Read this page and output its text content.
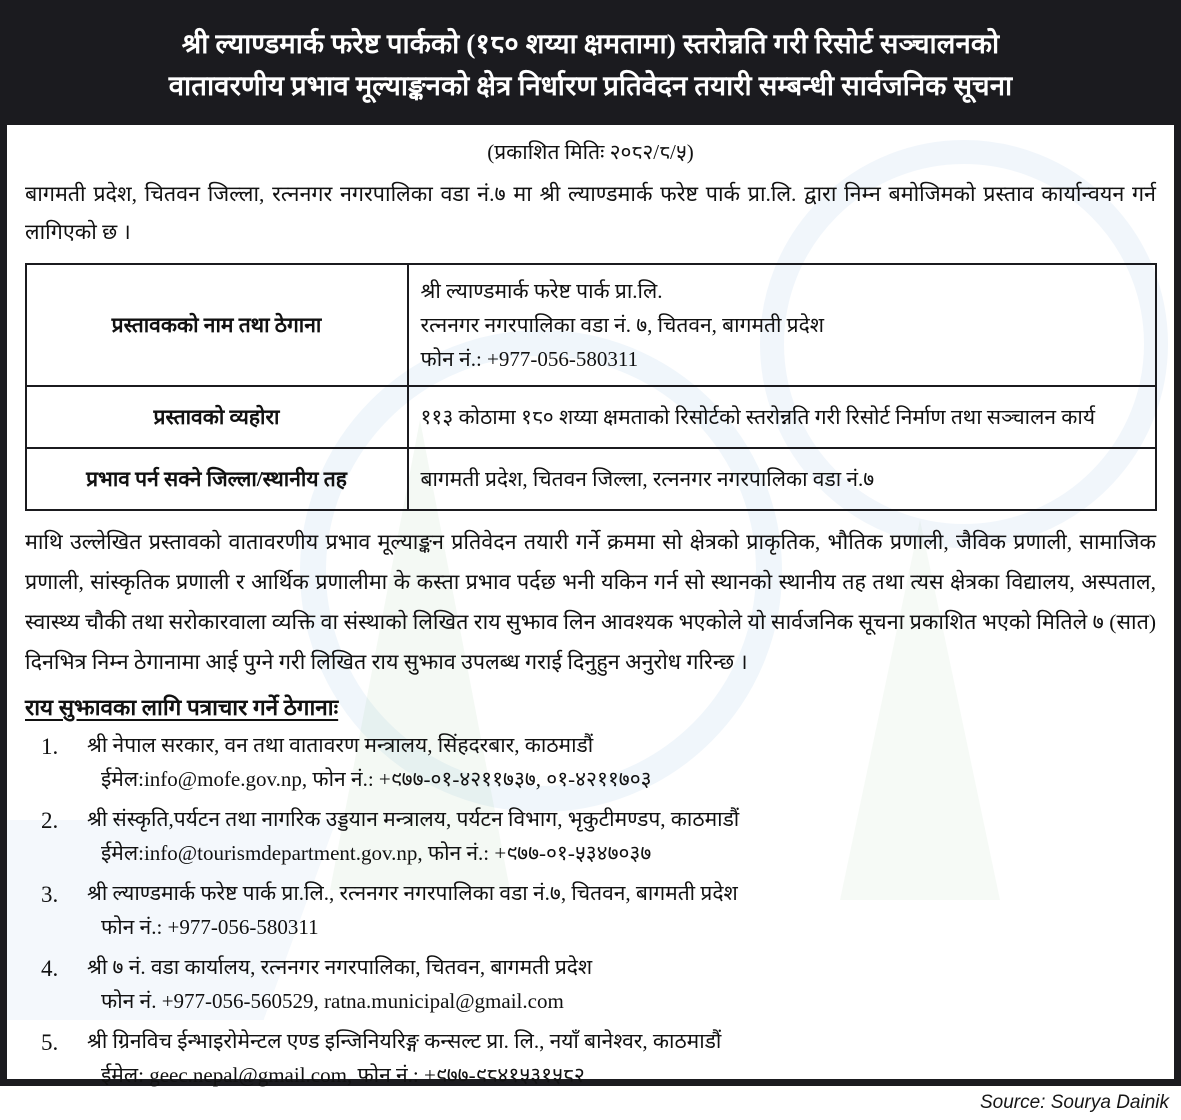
श्री ल्याण्डमार्क फरेष्ट पार्कको (१८० शय्या क्षमतामा) स्तरोन्नति गरी रिसोर्ट सञ्चालनको
वातावरणीय प्रभाव मूल्याङ्कनको क्षेत्र निर्धारण प्रतिवेदन तयारी सम्बन्धी सार्वजनिक सूचना
(प्रकाशित मितिः २०८२/८/५)
बागमती प्रदेश, चितवन जिल्ला, रत्ननगर नगरपालिका वडा नं.७ मा श्री ल्याण्डमार्क फरेष्ट पार्क प्रा.लि. द्वारा निम्न बमोजिमको प्रस्ताव कार्यान्वयन गर्न लागिएको छ ।
प्रस्तावकको नाम तथा ठेगाना	श्री ल्याण्डमार्क फरेष्ट पार्क प्रा.लि.
रत्ननगर नगरपालिका वडा नं. ७, चितवन, बागमती प्रदेश
फोन नं.: +977-056-580311

प्रस्तावको व्यहोरा	११३ कोठामा १८० शय्या क्षमताको रिसोर्टको स्तरोन्नति गरी रिसोर्ट निर्माण तथा सञ्चालन कार्य

प्रभाव पर्न सक्ने जिल्ला/स्थानीय तह	बागमती प्रदेश, चितवन जिल्ला, रत्ननगर नगरपालिका वडा नं.७
माथि उल्लेखित प्रस्तावको वातावरणीय प्रभाव मूल्याङ्कन प्रतिवेदन तयारी गर्ने क्रममा सो क्षेत्रको प्राकृतिक, भौतिक प्रणाली, जैविक प्रणाली, सामाजिक प्रणाली, सांस्कृतिक प्रणाली र आर्थिक प्रणालीमा के कस्ता प्रभाव पर्दछ भनी यकिन गर्न सो स्थानको स्थानीय तह तथा त्यस क्षेत्रका विद्यालय, अस्पताल, स्वास्थ्य चौकी तथा सरोकारवाला व्यक्ति वा संस्थाको लिखित राय सुझाव लिन आवश्यक भएकोले यो सार्वजनिक सूचना प्रकाशित भएको मितिले ७ (सात) दिनभित्र निम्न ठेगानामा आई पुग्ने गरी लिखित राय सुझाव उपलब्ध गराई दिनुहुन अनुरोध गरिन्छ ।
राय सुझावका लागि पत्राचार गर्ने ठेगानाः
1.	श्री नेपाल सरकार, वन तथा वातावरण मन्त्रालय, सिंहदरबार, काठमाडौं
ईमेल:info@mofe.gov.np, फोन नं.: +९७७-०१-४२११७३७, ०१-४२११७०३
2.	श्री संस्कृति,पर्यटन तथा नागरिक उड्डयान मन्त्रालय, पर्यटन विभाग, भृकुटीमण्डप, काठमाडौं
ईमेल:info@tourismdepartment.gov.np, फोन नं.: +९७७-०१-५३४७०३७
3.	श्री ल्याण्डमार्क फरेष्ट पार्क प्रा.लि., रत्ननगर नगरपालिका वडा नं.७, चितवन, बागमती प्रदेश
फोन नं.: +977-056-580311
4.	श्री ७ नं. वडा कार्यालय, रत्ननगर नगरपालिका, चितवन, बागमती प्रदेश
फोन नं. +977-056-560529, ratna.municipal@gmail.com
5.	श्री ग्रिनविच ईन्भाइरोमेन्टल एण्ड इन्जिनियरिङ्ग कन्सल्ट प्रा. लि., नयाँ बानेश्वर, काठमाडौं
ईमेल: geec.nepal@gmail.com, फोन नं.: +९७७-९८४१५३१५८२
Source: Sourya Dainik
